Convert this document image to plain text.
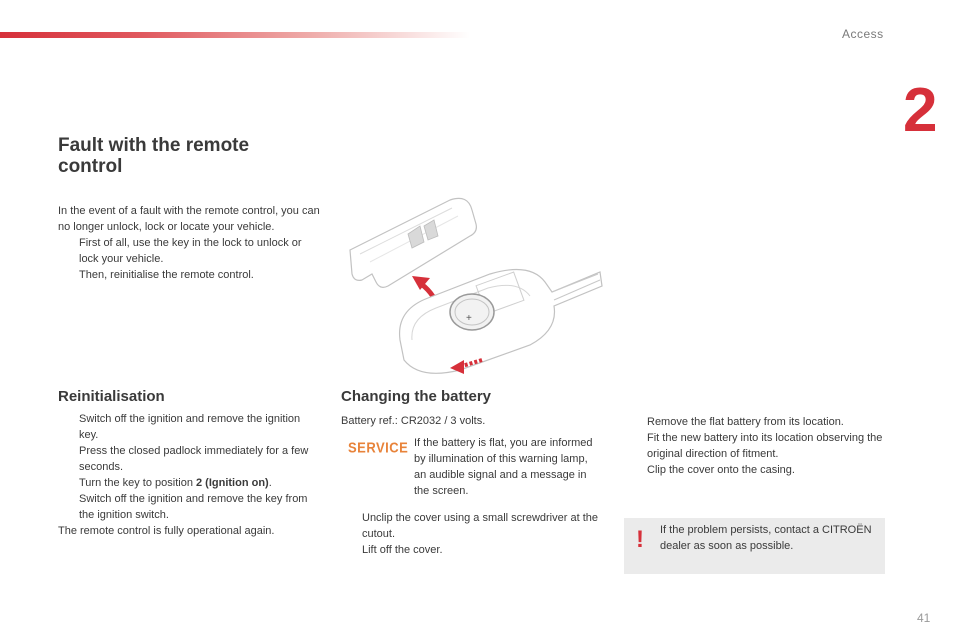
Access
2
Fault with the remote control

In the event of a fault with the remote control, you can no longer unlock, lock or locate your vehicle.

First of all, use the key in the lock to unlock or lock your vehicle.
Then, reinitialise the remote control.
+
Reinitialisation
Switch off the ignition and remove the ignition key.
Press the closed padlock immediately for a few seconds.
Turn the key to position 2 (Ignition on).
Switch off the ignition and remove the key from the ignition switch.

The remote control is fully operational again.

Changing the battery
Battery ref.: CR2032 / 3 volts.
SERVICE If the battery is flat, you are informed by illumination of this warning lamp, an audible signal and a message in the screen.
Unclip the cover using a small screwdriver at the cutout.
Lift off the cover.
Remove the flat battery from its location.
Fit the new battery into its location observing the original direction of fitment.
Clip the cover onto the casing.
! If the problem persists, contact a CITROËN dealer as soon as possible.
41
